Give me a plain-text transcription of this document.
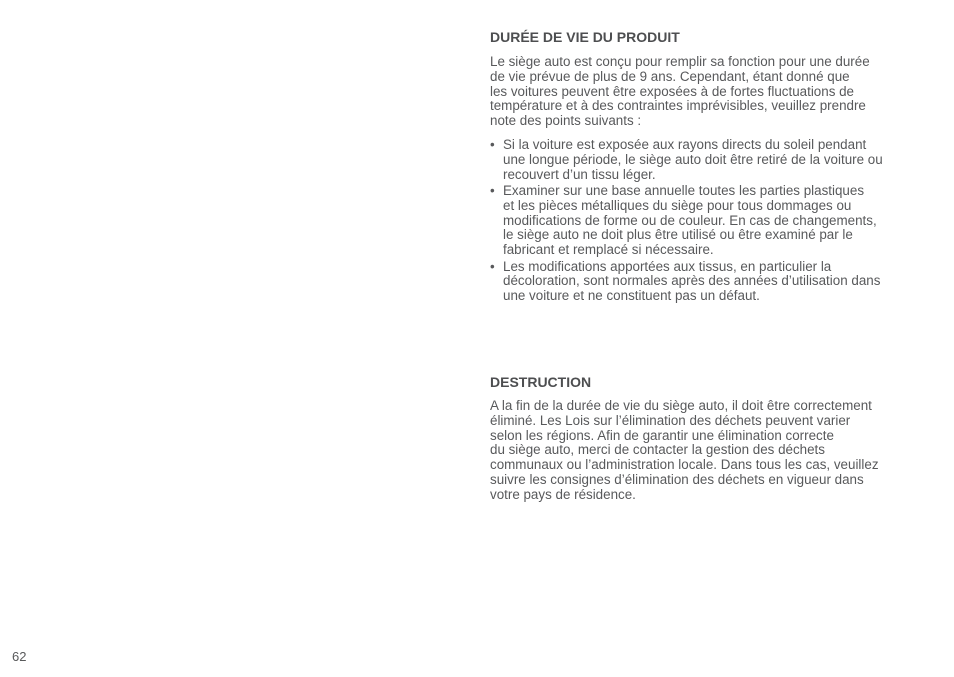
DURÉE DE VIE DU PRODUIT

Le siège auto est conçu pour remplir sa fonction pour une durée

de vie prévue de plus de 9 ans. Cependant, étant donné que

les voitures peuvent être exposées à de fortes fluctuations de

température et à des contraintes imprévisibles, veuillez prendre

note des points suivants :

• Si la voiture est exposée aux rayons directs du soleil pendant
une longue période, le siège auto doit être retiré de la voiture ou
recouvert d’un tissu léger.
• Examiner sur une base annuelle toutes les parties plastiques
et les pièces métalliques du siège pour tous dommages ou
modifications de forme ou de couleur. En cas de changements,
le siège auto ne doit plus être utilisé ou être examiné par le
fabricant et remplacé si nécessaire.
• Les modifications apportées aux tissus, en particulier la
décoloration, sont normales après des années d’utilisation dans
une voiture et ne constituent pas un défaut.
DESTRUCTION

A la fin de la durée de vie du siège auto, il doit être correctement

éliminé. Les Lois sur l’élimination des déchets peuvent varier

selon les régions. Afin de garantir une élimination correcte

du siège auto, merci de contacter la gestion des déchets

communaux ou l’administration locale. Dans tous les cas, veuillez

suivre les consignes d’élimination des déchets en vigueur dans

votre pays de résidence.

62
